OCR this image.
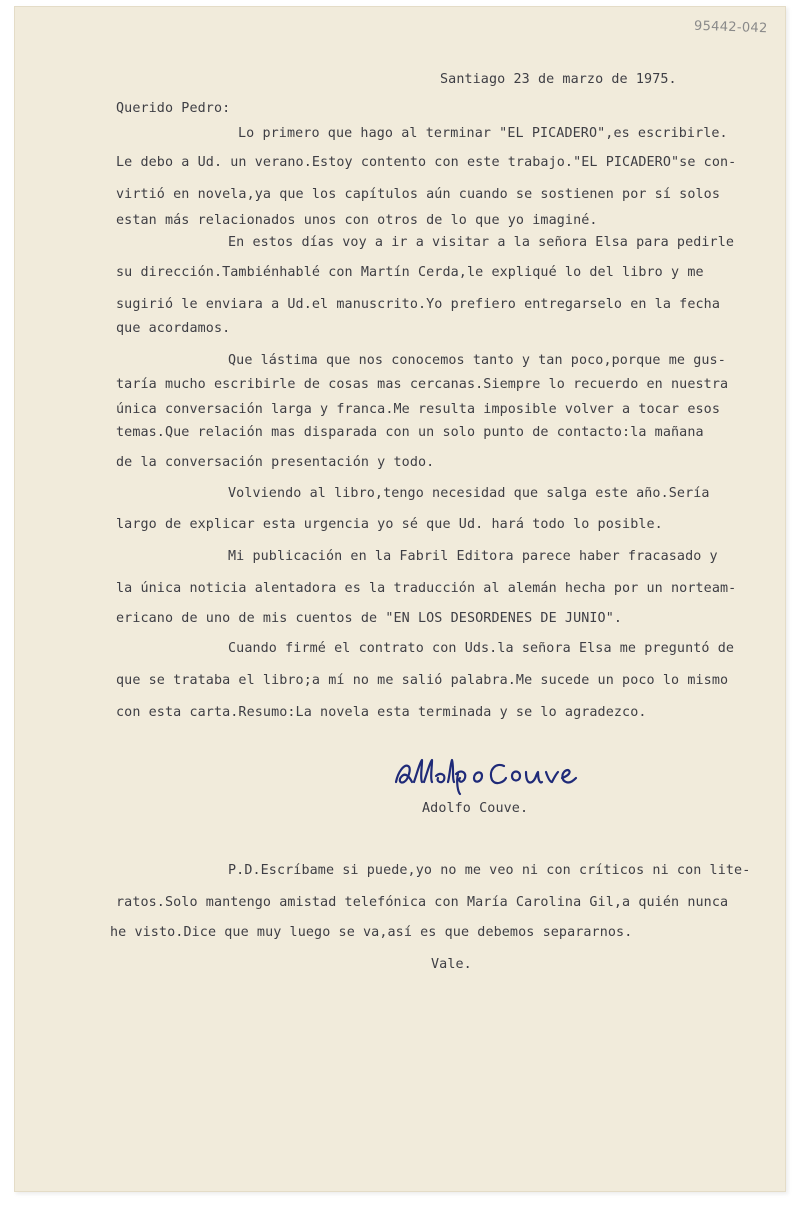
95442-042

Santiago 23 de marzo de 1975.

Querido Pedro:

Lo primero que hago al terminar "EL PICADERO",es escribirle.

Le debo a Ud. un verano.Estoy contento con este trabajo."EL PICADERO"se con-

virtió en novela,ya que los capítulos aún cuando se sostienen por sí solos

estan más relacionados unos con otros de lo que yo imaginé.

En estos días voy a ir a visitar a la señora Elsa para pedirle

su dirección.Tambiénhablé con Martín Cerda,le expliqué lo del libro y me

sugirió le enviara a Ud.el manuscrito.Yo prefiero entregarselo en la fecha

que acordamos.

Que lástima que nos conocemos tanto y tan poco,porque me gus-

taría mucho escribirle de cosas mas cercanas.Siempre lo recuerdo en nuestra

única conversación larga y franca.Me resulta imposible volver a tocar esos

temas.Que relación mas disparada con un solo punto de contacto:la mañana

de la conversación presentación y todo.

Volviendo al libro,tengo necesidad que salga este año.Sería

largo de explicar esta urgencia yo sé que Ud. hará todo lo posible.

Mi publicación en la Fabril Editora parece haber fracasado y

la única noticia alentadora es la traducción al alemán hecha por un norteam-

ericano de uno de mis cuentos de "EN LOS DESORDENES DE JUNIO".

Cuando firmé el contrato con Uds.la señora Elsa me preguntó de

que se trataba el libro;a mí no me salió palabra.Me sucede un poco lo mismo

con esta carta.Resumo:La novela esta terminada y se lo agradezco.

Adolfo Couve.

P.D.Escríbame si puede,yo no me veo ni con críticos ni con lite-

ratos.Solo mantengo amistad telefónica con María Carolina Gil,a quién nunca

he visto.Dice que muy luego se va,así es que debemos separarnos.

Vale.
